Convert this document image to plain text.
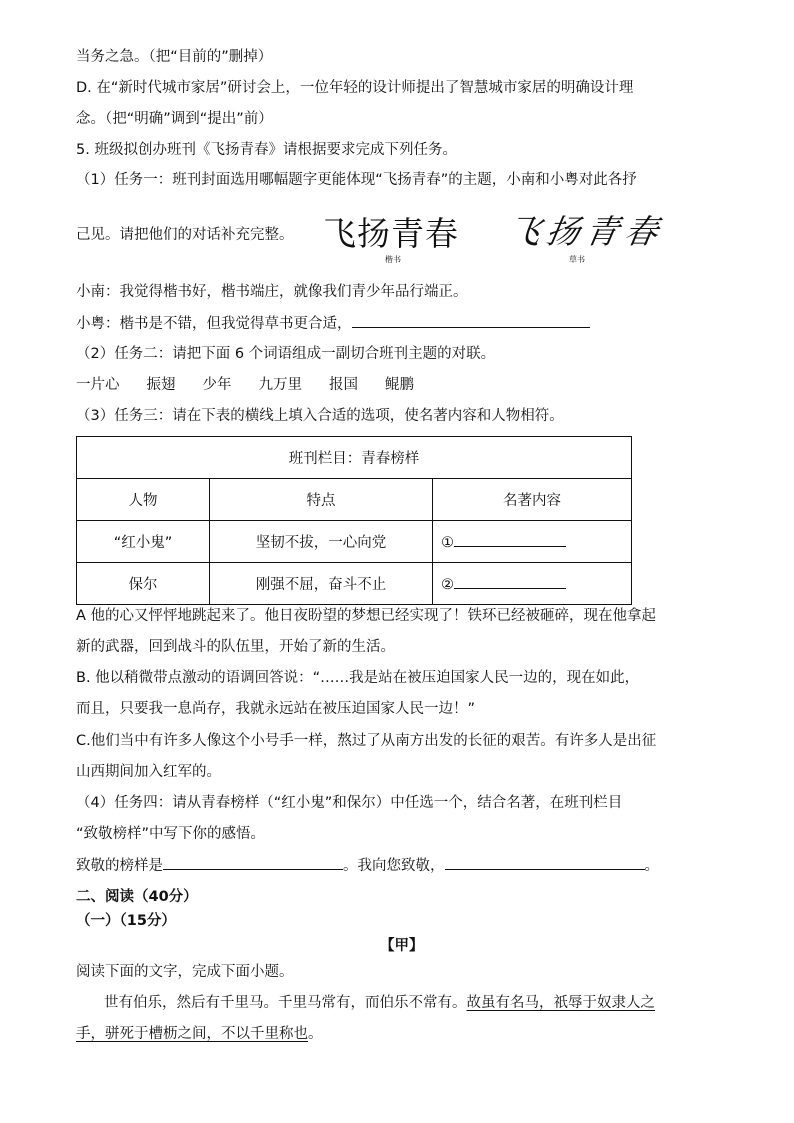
当务之急。（把“目前的”删掉）
D. 在“新时代城市家居”研讨会上，一位年轻的设计师提出了智慧城市家居的明确设计理
念。（把“明确”调到“提出”前）
5. 班级拟创办班刊《飞扬青春》请根据要求完成下列任务。
（1）任务一：班刊封面选用哪幅题字更能体现“飞扬青春”的主题，小南和小粤对此各抒
己见。请把他们的对话补充完整。 飞扬青春 飞扬青春
楷书	草书
小南：我觉得楷书好，楷书端庄，就像我们青少年品行端正。
小粤：楷书是不错，但我觉得草书更合适，
（2）任务二：请把下面 6 个词语组成一副切合班刊主题的对联。
一片心 振翅 少年 九万里 报国 鲲鹏
（3）任务三：请在下表的横线上填入合适的选项，使名著内容和人物相符。
班刊栏目：青春榜样		
人物	特点	名著内容
“红小鬼”	坚韧不拔，一心向党	①
保尔	刚强不屈，奋斗不止	②
A 他的心又怦怦地跳起来了。他日夜盼望的梦想已经实现了！铁环已经被砸碎，现在他拿起
新的武器，回到战斗的队伍里，开始了新的生活。
B. 他以稍微带点激动的语调回答说：“……我是站在被压迫国家人民一边的，现在如此，
而且，只要我一息尚存，我就永远站在被压迫国家人民一边！”
C.他们当中有许多人像这个小号手一样，熬过了从南方出发的长征的艰苦。有许多人是出征
山西期间加入红军的。
（4）任务四：请从青春榜样（“红小鬼”和保尔）中任选一个，结合名著，在班刊栏目
“致敬榜样”中写下你的感悟。
致敬的榜样是	。我向您致敬，	。
二、阅读（40分）
（一）（15分）
【甲】
阅读下面的文字，完成下面小题。
世有伯乐，然后有千里马。千里马常有，而伯乐不常有。故虽有名马，祇辱于奴隶人之
手，骈死于槽枥之间，不以千里称也。
